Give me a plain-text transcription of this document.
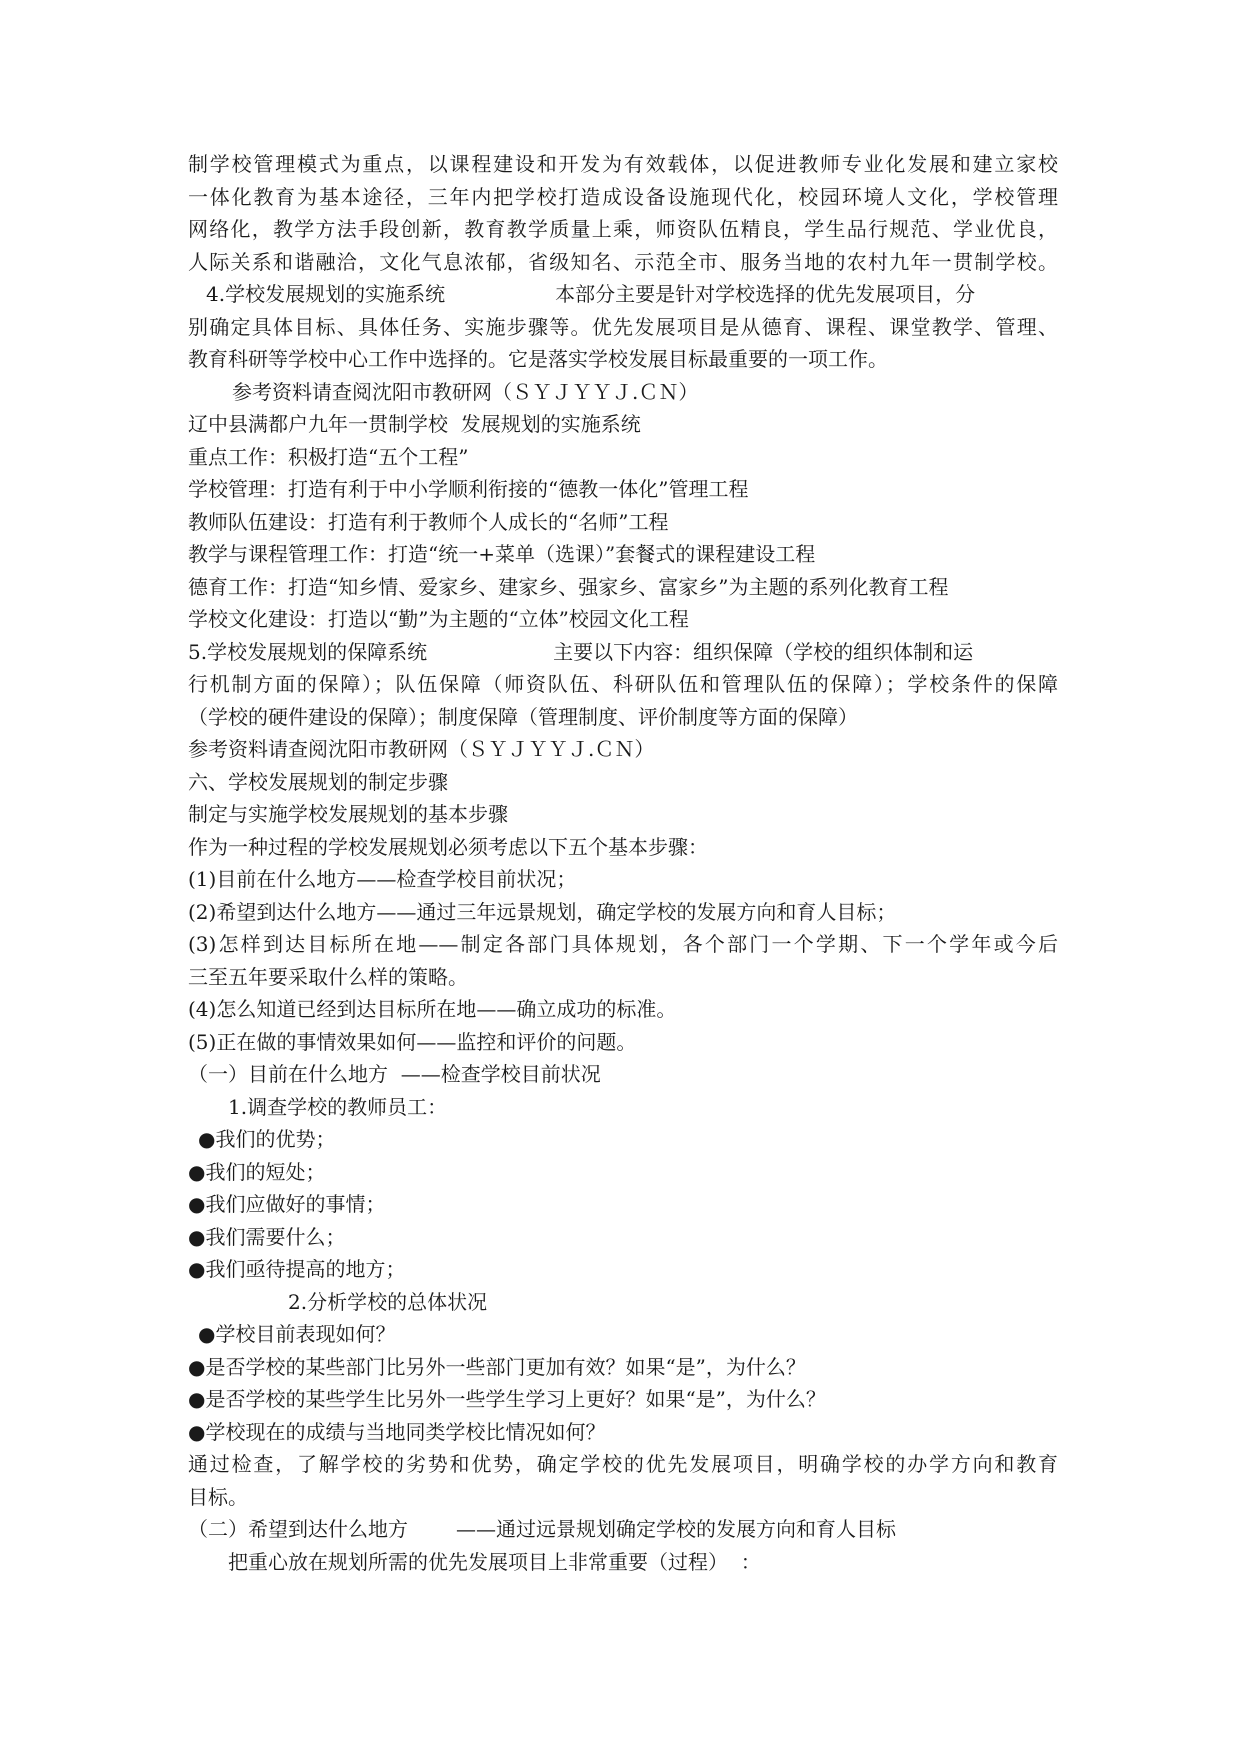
制学校管理模式为重点，以课程建设和开发为有效载体，以促进教师专业化发展和建立家校
一体化教育为基本途径，三年内把学校打造成设备设施现代化，校园环境人文化，学校管理
网络化，教学方法手段创新，教育教学质量上乘，师资队伍精良，学生品行规范、学业优良，
人际关系和谐融洽，文化气息浓郁，省级知名、示范全市、服务当地的农村九年一贯制学校。
4.学校发展规划的实施系统	本部分主要是针对学校选择的优先发展项目，分
别确定具体目标、具体任务、实施步骤等。优先发展项目是从德育、课程、课堂教学、管理、
教育科研等学校中心工作中选择的。它是落实学校发展目标最重要的一项工作。
参考资料请查阅沈阳市教研网（ＳＹＪＹＹＪ.ＣＮ）
辽中县满都户九年一贯制学校  发展规划的实施系统
重点工作：积极打造“五个工程”
学校管理：打造有利于中小学顺利衔接的“德教一体化”管理工程
教师队伍建设：打造有利于教师个人成长的“名师”工程
教学与课程管理工作：打造“统一+菜单（选课）”套餐式的课程建设工程
德育工作：打造“知乡情、爱家乡、建家乡、强家乡、富家乡”为主题的系列化教育工程
学校文化建设：打造以“勤”为主题的“立体”校园文化工程
5.学校发展规划的保障系统	主要以下内容：组织保障（学校的组织体制和运
行机制方面的保障）；队伍保障（师资队伍、科研队伍和管理队伍的保障）；学校条件的保障
（学校的硬件建设的保障）；制度保障（管理制度、评价制度等方面的保障）
参考资料请查阅沈阳市教研网（ＳＹＪＹＹＪ.ＣＮ）
六、学校发展规划的制定步骤
制定与实施学校发展规划的基本步骤
作为一种过程的学校发展规划必须考虑以下五个基本步骤：
(1)目前在什么地方——检查学校目前状况；
(2)希望到达什么地方——通过三年远景规划，确定学校的发展方向和育人目标；
(3)怎样到达目标所在地——制定各部门具体规划，各个部门一个学期、下一个学年或今后
三至五年要采取什么样的策略。
(4)怎么知道已经到达目标所在地——确立成功的标准。
(5)正在做的事情效果如何——监控和评价的问题。
（一）目前在什么地方  ——检查学校目前状况
1.调查学校的教师员工：
●我们的优势；
●我们的短处；
●我们应做好的事情；
●我们需要什么；
●我们亟待提高的地方；
2.分析学校的总体状况
●学校目前表现如何？
●是否学校的某些部门比另外一些部门更加有效？如果“是”，为什么？
●是否学校的某些学生比另外一些学生学习上更好？如果“是”，为什么？
●学校现在的成绩与当地同类学校比情况如何？
通过检查，了解学校的劣势和优势，确定学校的优先发展项目，明确学校的办学方向和教育
目标。
（二）希望到达什么地方 ——通过远景规划确定学校的发展方向和育人目标
把重心放在规划所需的优先发展项目上非常重要（过程）  ：
